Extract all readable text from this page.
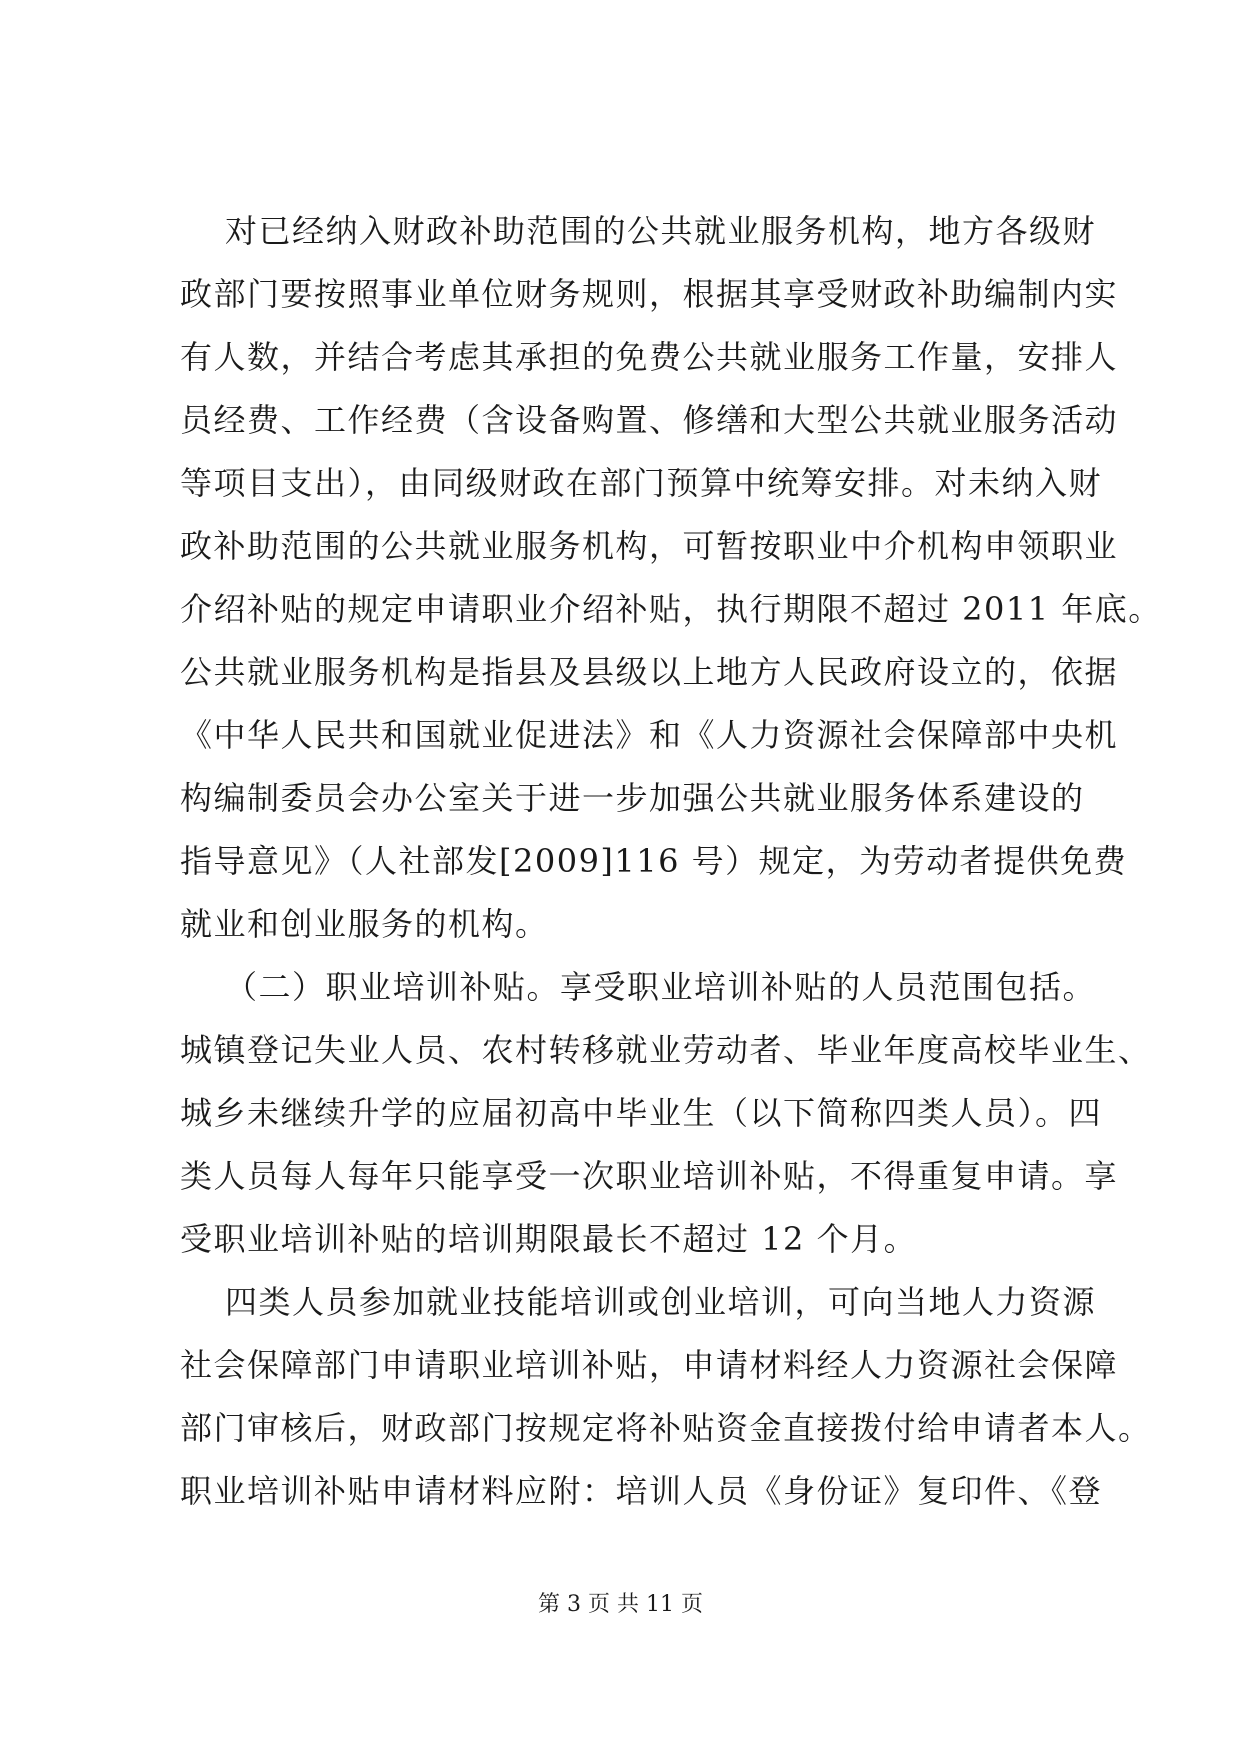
对已经纳入财政补助范围的公共就业服务机构，地方各级财
政部门要按照事业单位财务规则，根据其享受财政补助编制内实
有人数，并结合考虑其承担的免费公共就业服务工作量，安排人
员经费、工作经费（含设备购置、修缮和大型公共就业服务活动
等项目支出），由同级财政在部门预算中统筹安排。对未纳入财
政补助范围的公共就业服务机构，可暂按职业中介机构申领职业
介绍补贴的规定申请职业介绍补贴，执行期限不超过 2011 年底。
公共就业服务机构是指县及县级以上地方人民政府设立的，依据
《中华人民共和国就业促进法》和《人力资源社会保障部中央机
构编制委员会办公室关于进一步加强公共就业服务体系建设的
指导意见》（人社部发[2009]116 号）规定，为劳动者提供免费
就业和创业服务的机构。
（二）职业培训补贴。享受职业培训补贴的人员范围包括。
城镇登记失业人员、农村转移就业劳动者、毕业年度高校毕业生、
城乡未继续升学的应届初高中毕业生（以下简称四类人员）。四
类人员每人每年只能享受一次职业培训补贴，不得重复申请。享
受职业培训补贴的培训期限最长不超过 12 个月。
四类人员参加就业技能培训或创业培训，可向当地人力资源
社会保障部门申请职业培训补贴，申请材料经人力资源社会保障
部门审核后，财政部门按规定将补贴资金直接拨付给申请者本人。
职业培训补贴申请材料应附：培训人员《身份证》复印件、《登
第 3 页 共 11 页
